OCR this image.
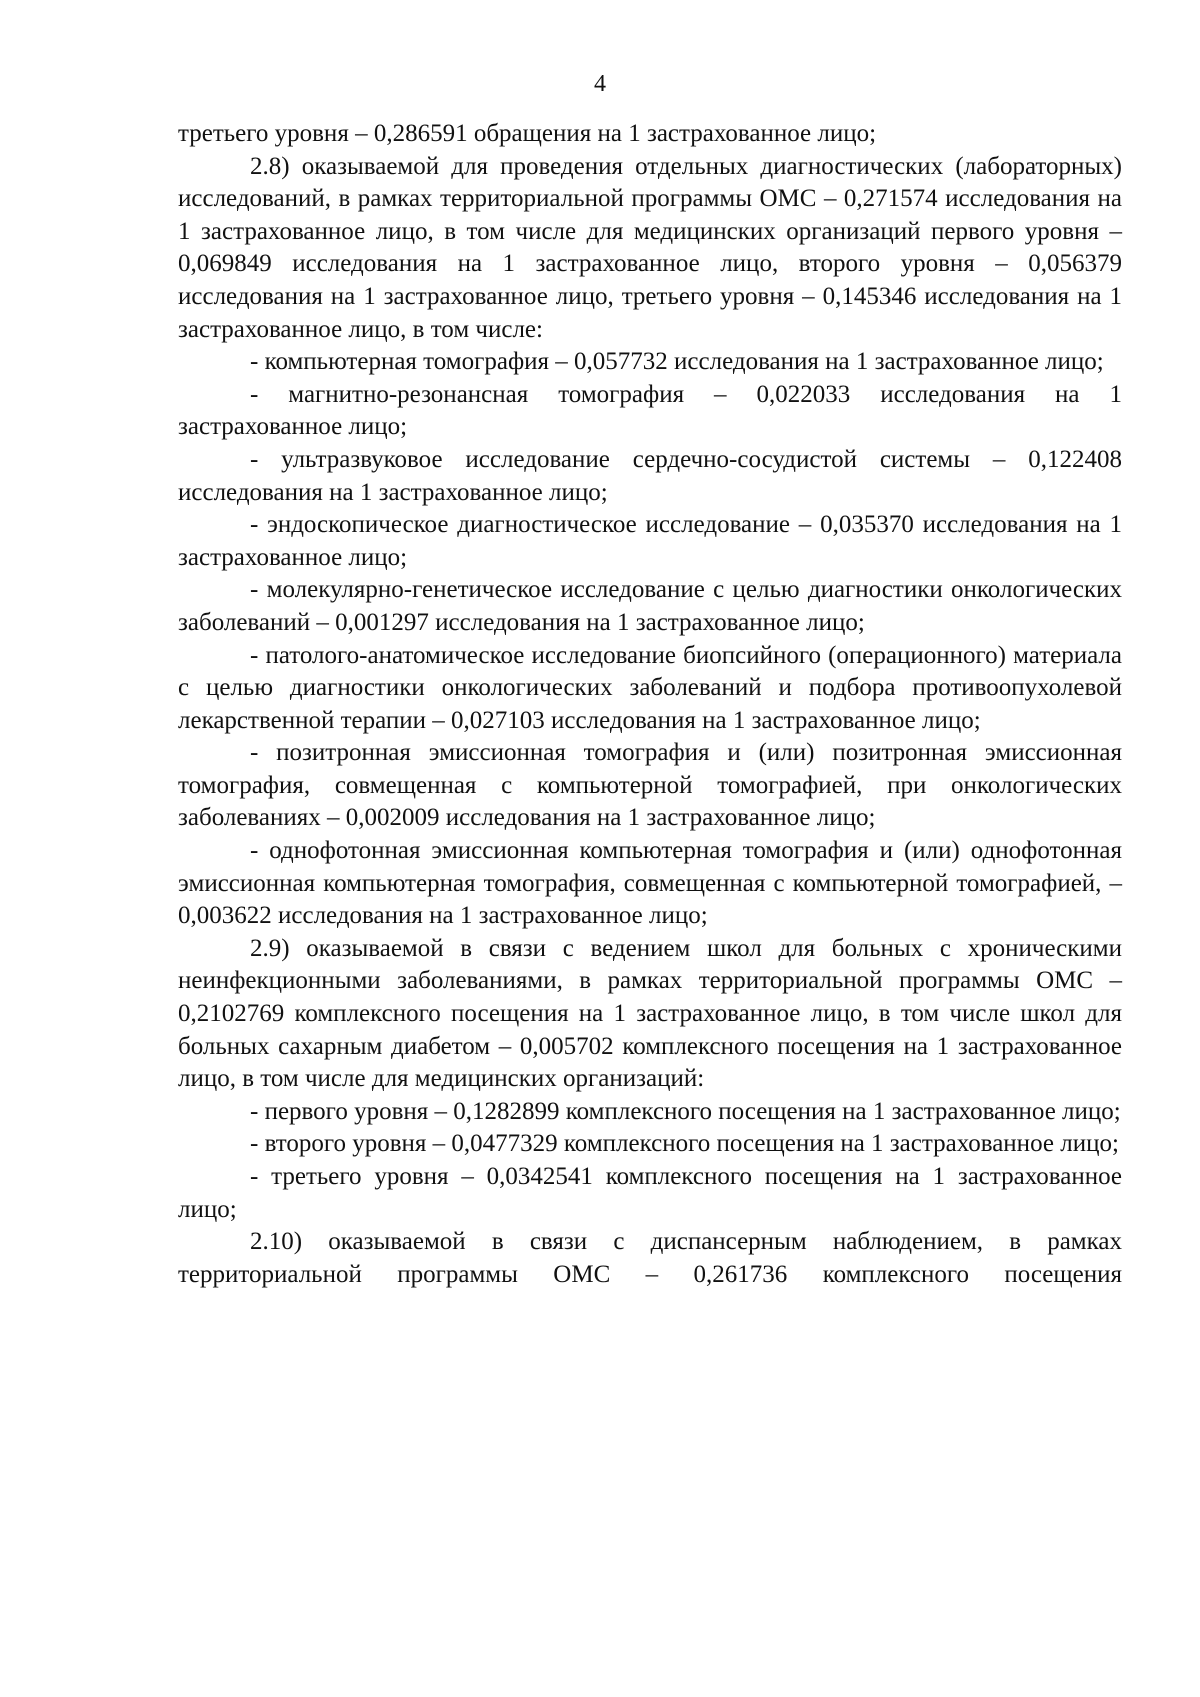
4

третьего уровня – 0,286591 обращения на 1 застрахованное лицо;

2.8) оказываемой для проведения отдельных диагностических (лабораторных) исследований, в рамках территориальной программы ОМС – 0,271574 исследования на 1 застрахованное лицо, в том числе для медицинских организаций первого уровня – 0,069849 исследования на 1 застрахованное лицо, второго уровня – 0,056379 исследования на 1 застрахованное лицо, третьего уровня – 0,145346 исследования на 1 застрахованное лицо, в том числе:

- компьютерная томография – 0,057732 исследования на 1 застрахованное лицо;

- магнитно-резонансная томография – 0,022033 исследования на 1 застрахованное лицо;

- ультразвуковое исследование сердечно-сосудистой системы – 0,122408 исследования на 1 застрахованное лицо;

- эндоскопическое диагностическое исследование – 0,035370 исследования на 1 застрахованное лицо;

- молекулярно-генетическое исследование с целью диагностики онкологических заболеваний – 0,001297 исследования на 1 застрахованное лицо;

- патолого-анатомическое исследование биопсийного (операционного) материала с целью диагностики онкологических заболеваний и подбора противоопухолевой лекарственной терапии – 0,027103 исследования на 1 застрахованное лицо;

- позитронная эмиссионная томография и (или) позитронная эмиссионная томография, совмещенная с компьютерной томографией, при онкологических заболеваниях – 0,002009 исследования на 1 застрахованное лицо;

- однофотонная эмиссионная компьютерная томография и (или) однофотонная эмиссионная компьютерная томография, совмещенная с компьютерной томографией, – 0,003622 исследования на 1 застрахованное лицо;

2.9) оказываемой в связи с ведением школ для больных с хроническими неинфекционными заболеваниями, в рамках территориальной программы ОМС – 0,2102769 комплексного посещения на 1 застрахованное лицо, в том числе школ для больных сахарным диабетом – 0,005702 комплексного посещения на 1 застрахованное лицо, в том числе для медицинских организаций:

- первого уровня – 0,1282899 комплексного посещения на 1 застрахованное лицо;

- второго уровня – 0,0477329 комплексного посещения на 1 застрахованное лицо;

- третьего уровня – 0,0342541 комплексного посещения на 1 застрахованное лицо;

2.10) оказываемой в связи с диспансерным наблюдением, в рамках территориальной программы ОМС – 0,261736 комплексного посещения
